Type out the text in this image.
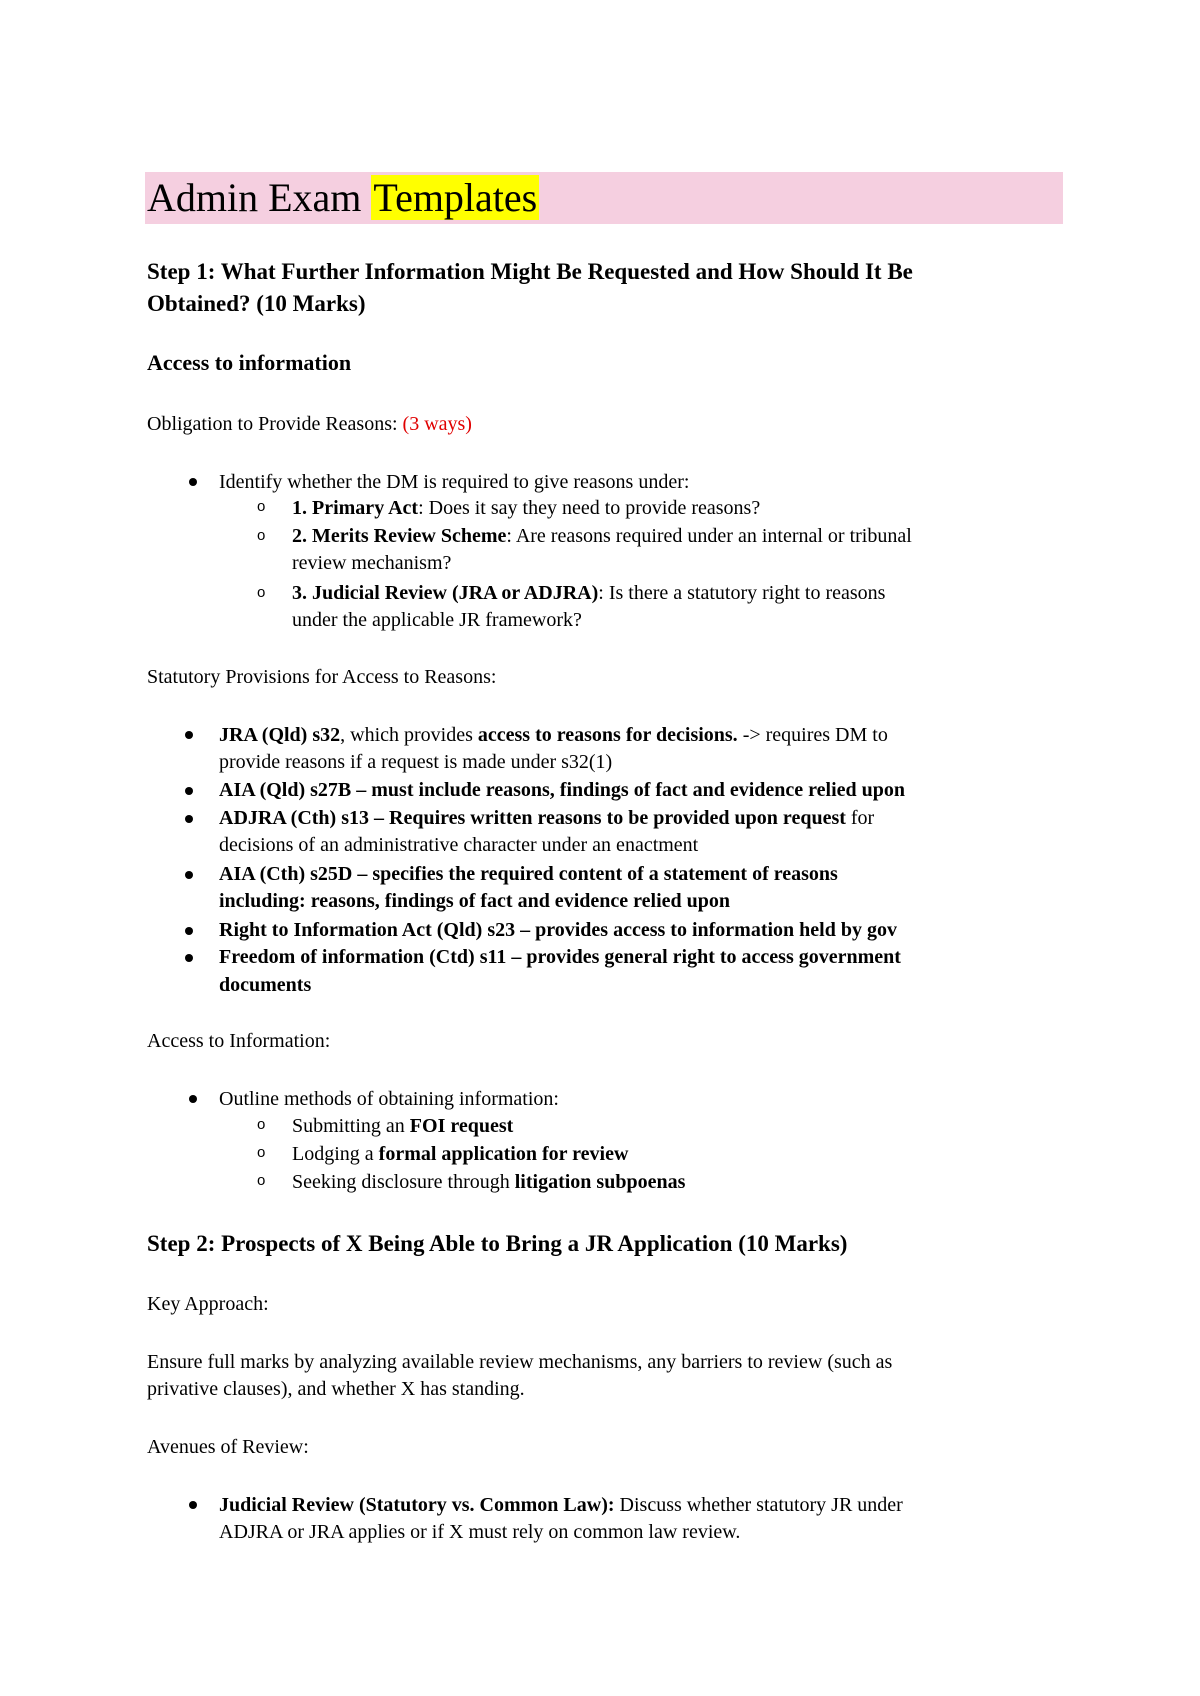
Admin Exam Templates
Step 1: What Further Information Might Be Requested and How Should It Be
Obtained? (10 Marks)
Access to information
Obligation to Provide Reasons: (3 ways)
Identify whether the DM is required to give reasons under:
o 1. Primary Act: Does it say they need to provide reasons?
o 2. Merits Review Scheme: Are reasons required under an internal or tribunal
review mechanism?
o 3. Judicial Review (JRA or ADJRA): Is there a statutory right to reasons
under the applicable JR framework?
Statutory Provisions for Access to Reasons:
JRA (Qld) s32, which provides access to reasons for decisions. -> requires DM to
provide reasons if a request is made under s32(1)
AIA (Qld) s27B – must include reasons, findings of fact and evidence relied upon
ADJRA (Cth) s13 – Requires written reasons to be provided upon request for
decisions of an administrative character under an enactment
AIA (Cth) s25D – specifies the required content of a statement of reasons
including: reasons, findings of fact and evidence relied upon
Right to Information Act (Qld) s23 – provides access to information held by gov
Freedom of information (Ctd) s11 – provides general right to access government
documents
Access to Information:
Outline methods of obtaining information:
o Submitting an FOI request
o Lodging a formal application for review
o Seeking disclosure through litigation subpoenas
Step 2: Prospects of X Being Able to Bring a JR Application (10 Marks)
Key Approach:
Ensure full marks by analyzing available review mechanisms, any barriers to review (such as
privative clauses), and whether X has standing.
Avenues of Review:
Judicial Review (Statutory vs. Common Law): Discuss whether statutory JR under
ADJRA or JRA applies or if X must rely on common law review.
